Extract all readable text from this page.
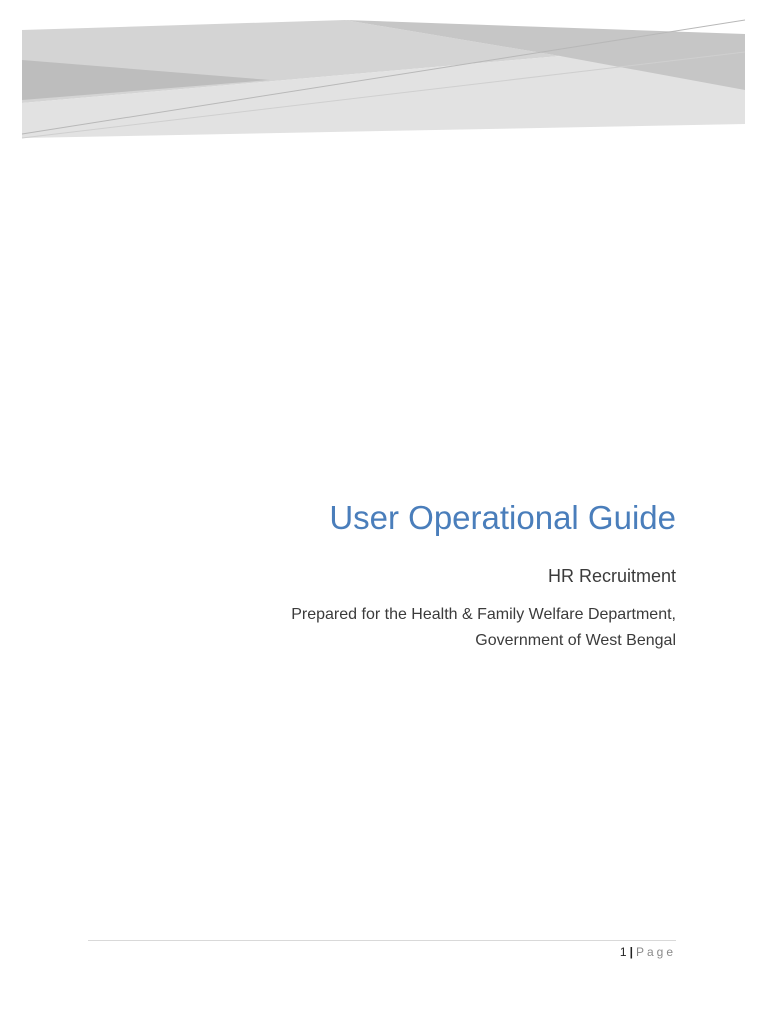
User Operational Guide
HR Recruitment
Prepared for the Health & Family Welfare Department,
Government of West Bengal
1 | Page
